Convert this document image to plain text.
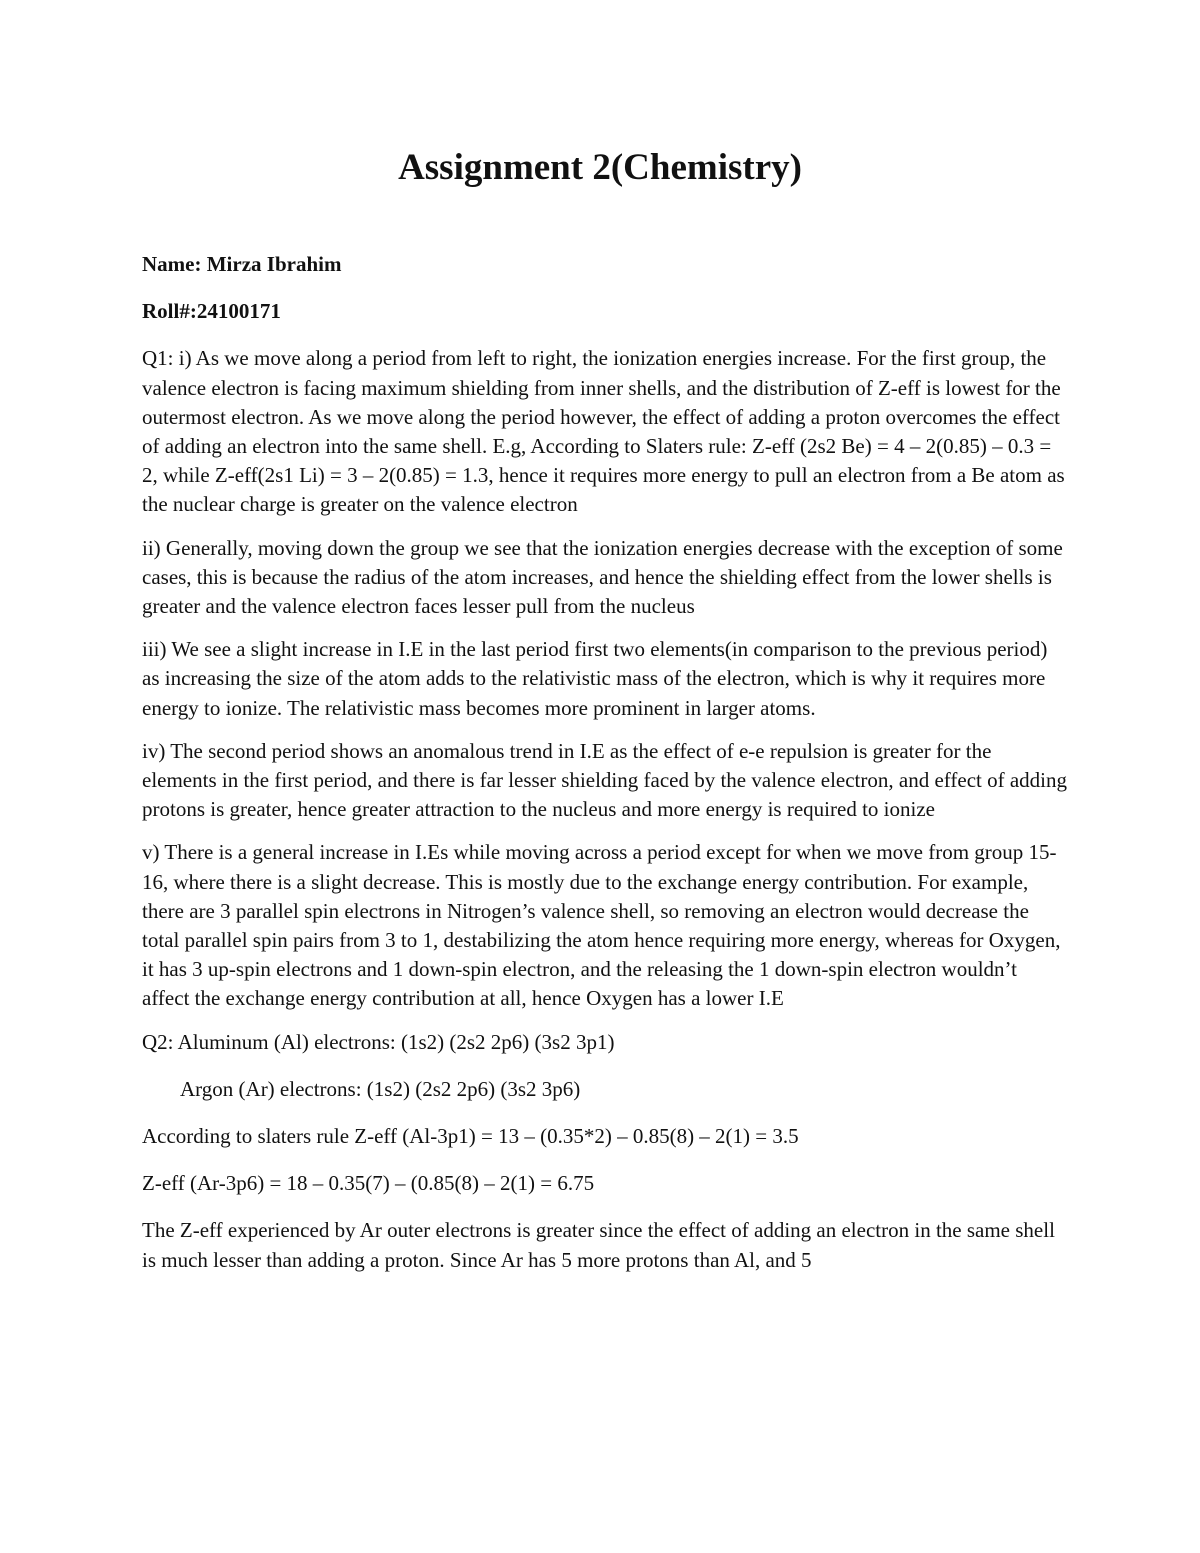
Assignment 2(Chemistry)

Name: Mirza Ibrahim

Roll#:24100171

Q1: i) As we move along a period from left to right, the ionization energies increase. For the first group, the valence electron is facing maximum shielding from inner shells, and the distribution of Z-eff is lowest for the outermost electron. As we move along the period however, the effect of adding a proton overcomes the effect of adding an electron into the same shell. E.g, According to Slaters rule: Z-eff (2s2 Be) = 4 – 2(0.85) – 0.3 = 2, while Z-eff(2s1 Li) = 3 – 2(0.85) = 1.3, hence it requires more energy to pull an electron from a Be atom as the nuclear charge is greater on the valence electron

ii) Generally, moving down the group we see that the ionization energies decrease with the exception of some cases, this is because the radius of the atom increases, and hence the shielding effect from the lower shells is greater and the valence electron faces lesser pull from the nucleus

iii) We see a slight increase in I.E in the last period first two elements(in comparison to the previous period) as increasing the size of the atom adds to the relativistic mass of the electron, which is why it requires more energy to ionize. The relativistic mass becomes more prominent in larger atoms.

iv) The second period shows an anomalous trend in I.E as the effect of e-e repulsion is greater for the elements in the first period, and there is far lesser shielding faced by the valence electron, and effect of adding protons is greater, hence greater attraction to the nucleus and more energy is required to ionize

v) There is a general increase in I.Es while moving across a period except for when we move from group 15-16, where there is a slight decrease. This is mostly due to the exchange energy contribution. For example, there are 3 parallel spin electrons in Nitrogen’s valence shell, so removing an electron would decrease the total parallel spin pairs from 3 to 1, destabilizing the atom hence requiring more energy, whereas for Oxygen, it has 3 up-spin electrons and 1 down-spin electron, and the releasing the 1 down-spin electron wouldn’t affect the exchange energy contribution at all, hence Oxygen has a lower I.E

Q2: Aluminum (Al) electrons: (1s2) (2s2 2p6) (3s2 3p1)

Argon (Ar) electrons: (1s2) (2s2 2p6) (3s2 3p6)

According to slaters rule Z-eff (Al-3p1) = 13 – (0.35*2) – 0.85(8) – 2(1) = 3.5

Z-eff (Ar-3p6) = 18 – 0.35(7) – (0.85(8) – 2(1) = 6.75

The Z-eff experienced by Ar outer electrons is greater since the effect of adding an electron in the same shell is much lesser than adding a proton. Since Ar has 5 more protons than Al, and 5
